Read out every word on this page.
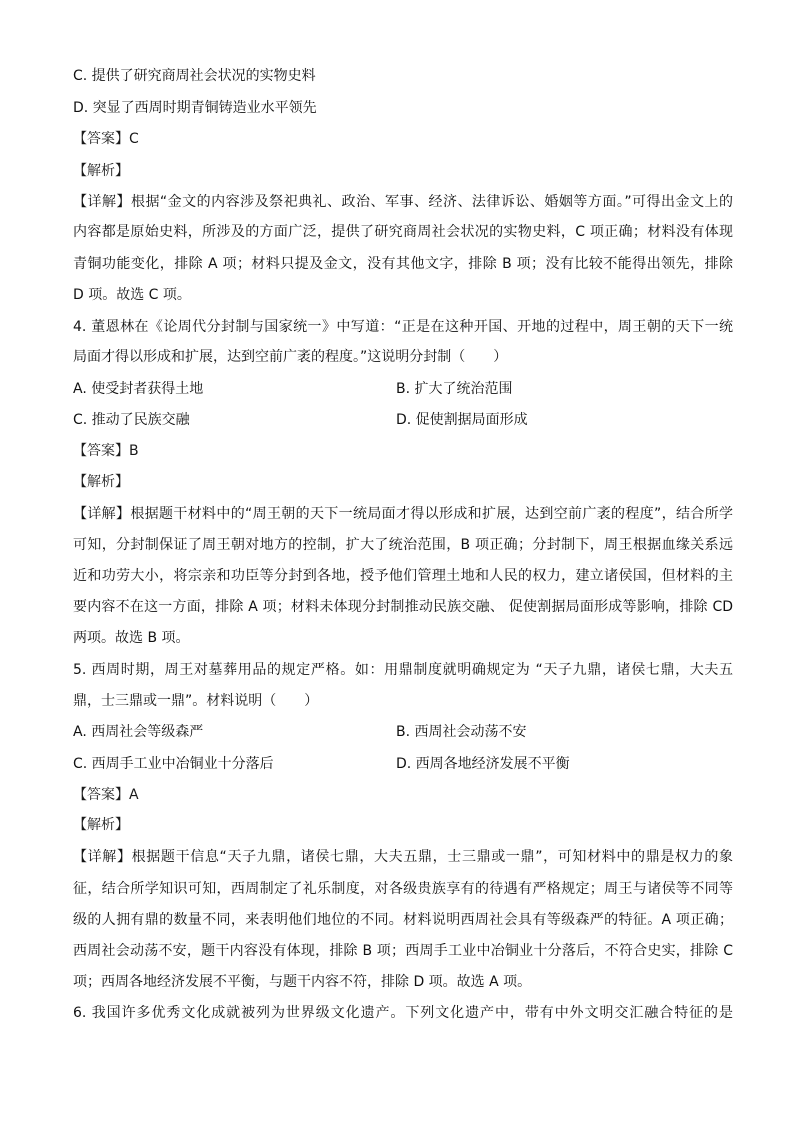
C. 提供了研究商周社会状况的实物史料
D. 突显了西周时期青铜铸造业水平领先
【答案】C
【解析】
【详解】根据“金文的内容涉及祭祀典礼、政治、军事、经济、法律诉讼、婚姻等方面。”可得出金文上的
内容都是原始史料，所涉及的方面广泛，提供了研究商周社会状况的实物史料，C 项正确；材料没有体现
青铜功能变化，排除 A 项；材料只提及金文，没有其他文字，排除 B 项；没有比较不能得出领先，排除
D 项。故选 C 项。
4. 董恩林在《论周代分封制与国家统一》中写道：“正是在这种开国、开地的过程中，周王朝的天下一统
局面才得以形成和扩展，达到空前广袤的程度。”这说明分封制（　　）
A. 使受封者获得土地	B. 扩大了统治范围
C. 推动了民族交融	D. 促使割据局面形成
【答案】B
【解析】
【详解】根据题干材料中的“周王朝的天下一统局面才得以形成和扩展，达到空前广袤的程度”，结合所学
可知，分封制保证了周王朝对地方的控制，扩大了统治范围，B 项正确；分封制下，周王根据血缘关系远
近和功劳大小，将宗亲和功臣等分封到各地，授予他们管理土地和人民的权力，建立诸侯国，但材料的主
要内容不在这一方面，排除 A 项；材料未体现分封制推动民族交融、 促使割据局面形成等影响，排除 CD
两项。故选 B 项。
5. 西周时期，周王对墓葬用品的规定严格。如：用鼎制度就明确规定为 “天子九鼎，诸侯七鼎，大夫五
鼎，士三鼎或一鼎”。材料说明（　　）
A. 西周社会等级森严	B. 西周社会动荡不安
C. 西周手工业中冶铜业十分落后	D. 西周各地经济发展不平衡
【答案】A
【解析】
【详解】根据题干信息“天子九鼎，诸侯七鼎，大夫五鼎，士三鼎或一鼎”，可知材料中的鼎是权力的象
征，结合所学知识可知，西周制定了礼乐制度，对各级贵族享有的待遇有严格规定；周王与诸侯等不同等
级的人拥有鼎的数量不同，来表明他们地位的不同。材料说明西周社会具有等级森严的特征。A 项正确；
西周社会动荡不安，题干内容没有体现，排除 B 项；西周手工业中冶铜业十分落后，不符合史实，排除 C
项；西周各地经济发展不平衡，与题干内容不符，排除 D 项。故选 A 项。
6. 我国许多优秀文化成就被列为世界级文化遗产。下列文化遗产中，带有中外文明交汇融合特征的是
